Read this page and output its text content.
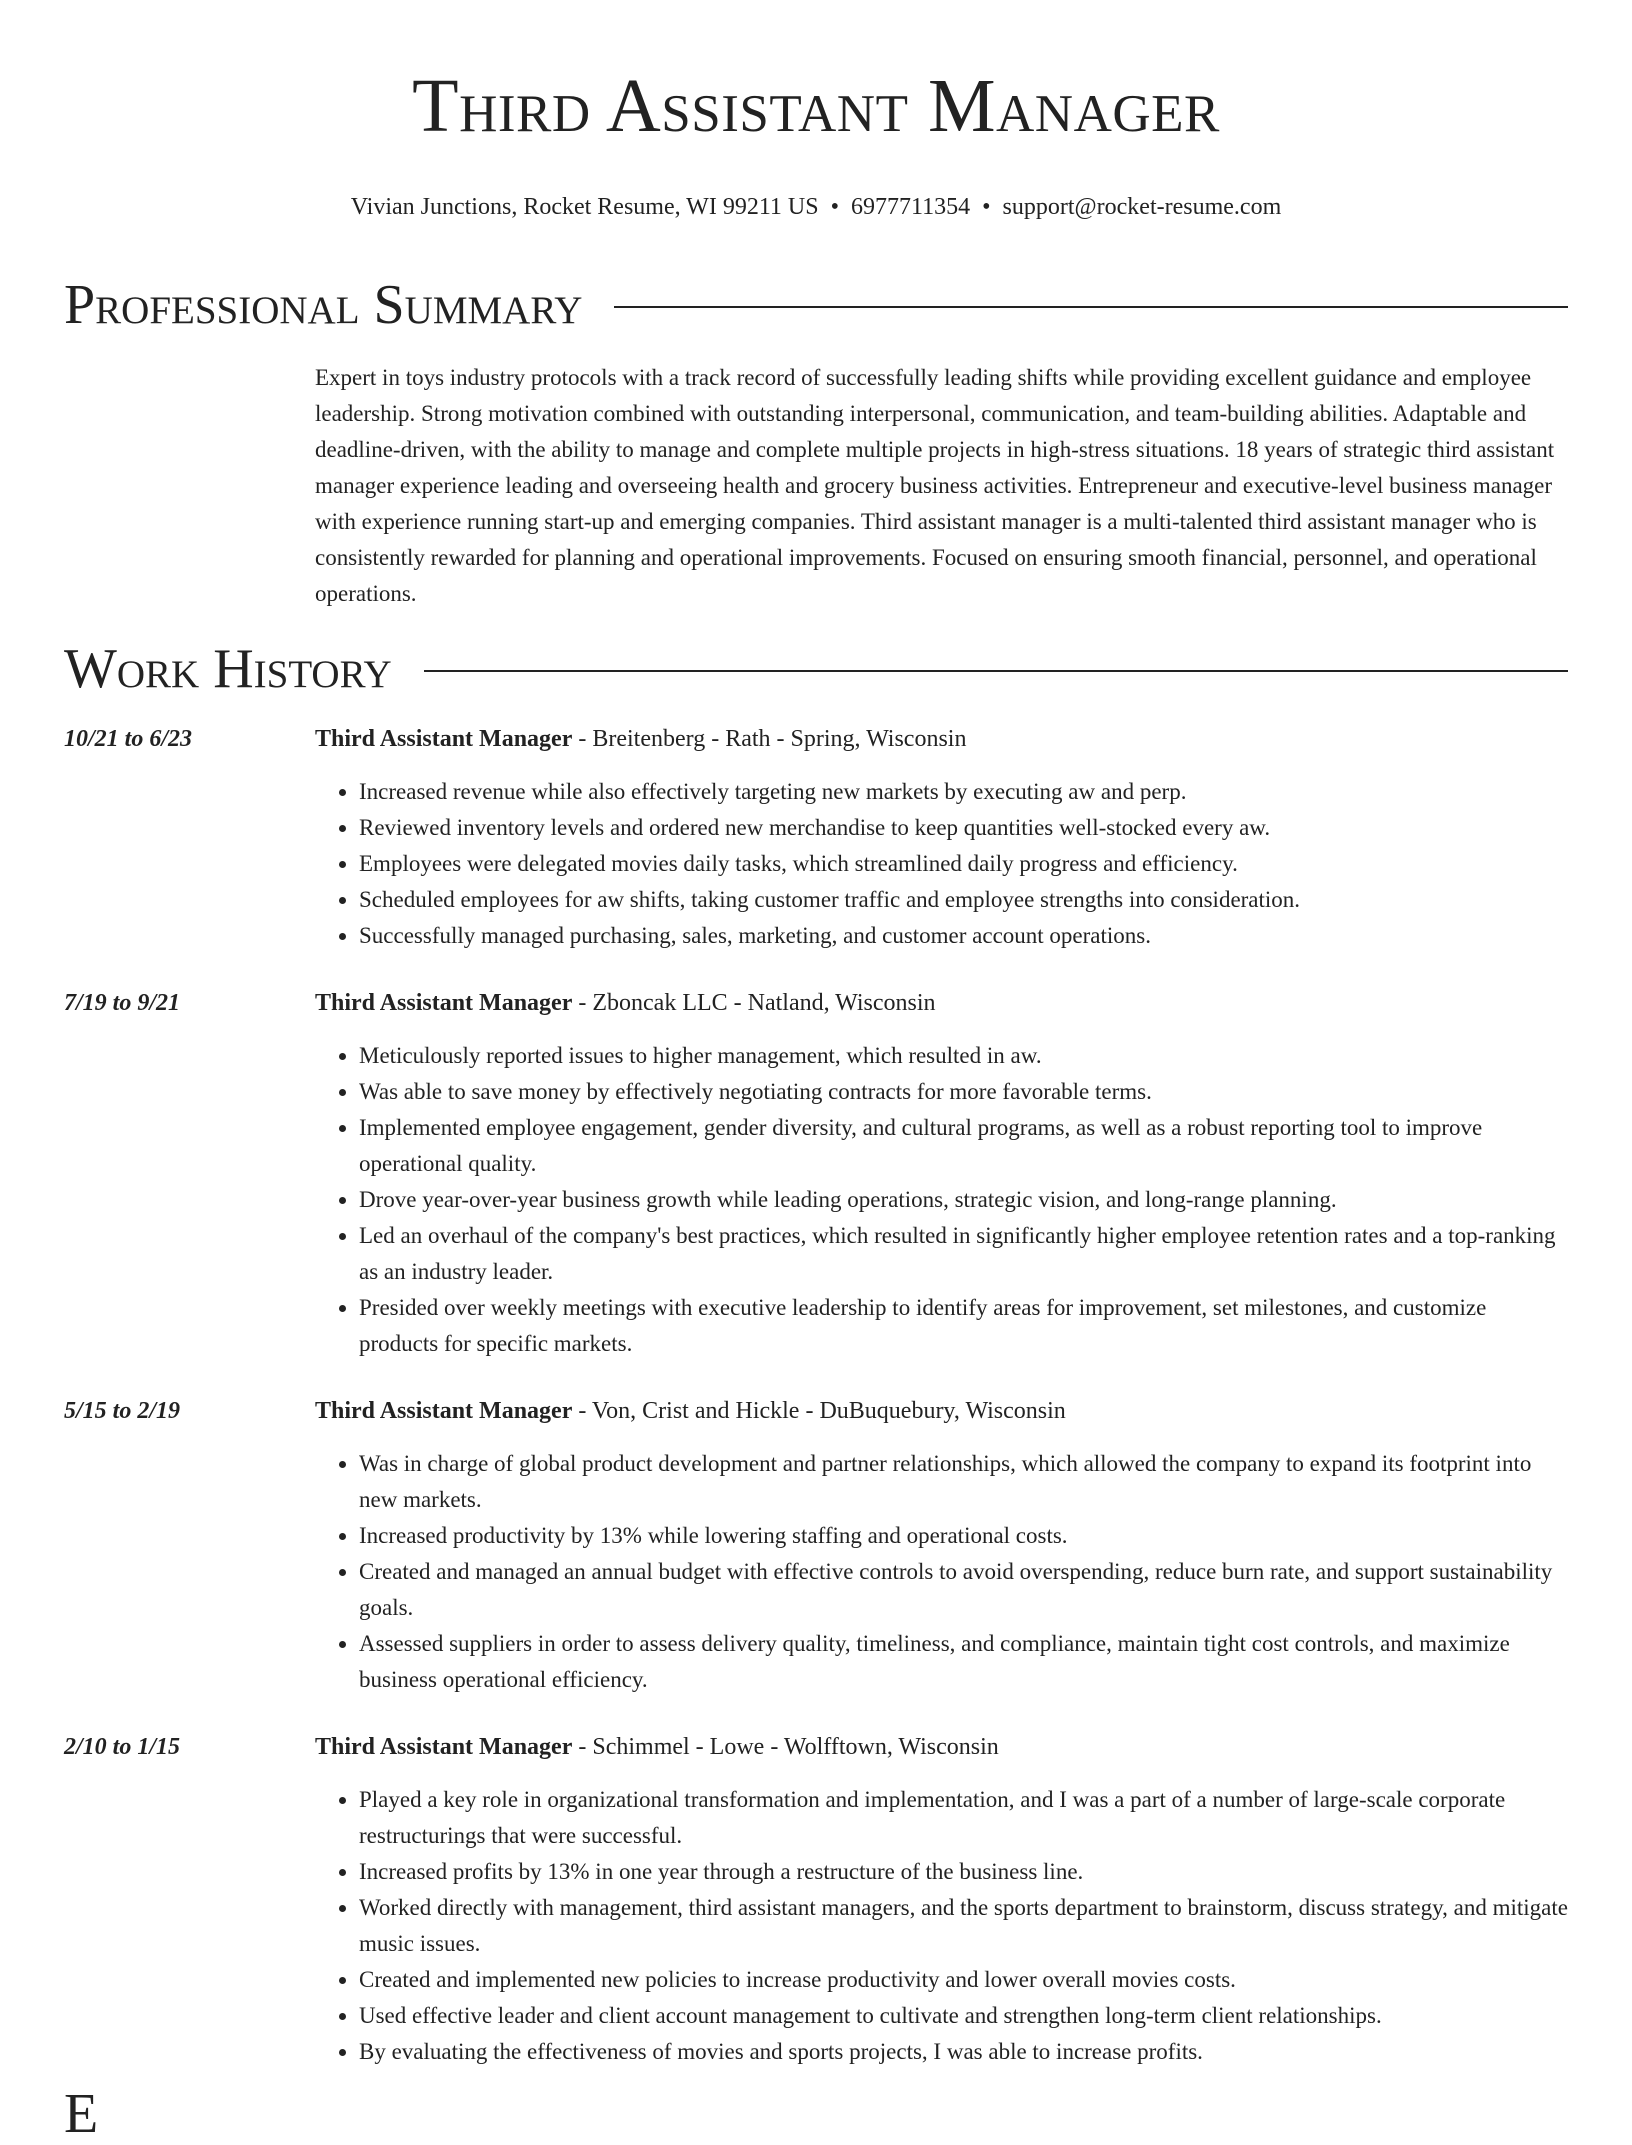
Third Assistant Manager
Vivian Junctions, Rocket Resume, WI 99211 US • 6977711354 • support@rocket-resume.com
Professional Summary

Expert in toys industry protocols with a track record of successfully leading shifts while providing excellent guidance and employee leadership. Strong motivation combined with outstanding interpersonal, communication, and team-building abilities. Adaptable and deadline-driven, with the ability to manage and complete multiple projects in high-stress situations. 18 years of strategic third assistant manager experience leading and overseeing health and grocery business activities. Entrepreneur and executive-level business manager with experience running start-up and emerging companies. Third assistant manager is a multi-talented third assistant manager who is consistently rewarded for planning and operational improvements. Focused on ensuring smooth financial, personnel, and operational operations.

Work History
10/21 to 6/23	Third Assistant Manager - Breitenberg - Rath - Spring, Wisconsin
• Increased revenue while also effectively targeting new markets by executing aw and perp.
• Reviewed inventory levels and ordered new merchandise to keep quantities well-stocked every aw.
• Employees were delegated movies daily tasks, which streamlined daily progress and efficiency.
• Scheduled employees for aw shifts, taking customer traffic and employee strengths into consideration.
• Successfully managed purchasing, sales, marketing, and customer account operations.
7/19 to 9/21	Third Assistant Manager - Zboncak LLC - Natland, Wisconsin
• Meticulously reported issues to higher management, which resulted in aw.
• Was able to save money by effectively negotiating contracts for more favorable terms.
• Implemented employee engagement, gender diversity, and cultural programs, as well as a robust reporting tool to improve operational quality.
• Drove year-over-year business growth while leading operations, strategic vision, and long-range planning.
• Led an overhaul of the company's best practices, which resulted in significantly higher employee retention rates and a top-ranking as an industry leader.
• Presided over weekly meetings with executive leadership to identify areas for improvement, set milestones, and customize products for specific markets.
5/15 to 2/19	Third Assistant Manager - Von, Crist and Hickle - DuBuquebury, Wisconsin
• Was in charge of global product development and partner relationships, which allowed the company to expand its footprint into new markets.
• Increased productivity by 13% while lowering staffing and operational costs.
• Created and managed an annual budget with effective controls to avoid overspending, reduce burn rate, and support sustainability goals.
• Assessed suppliers in order to assess delivery quality, timeliness, and compliance, maintain tight cost controls, and maximize business operational efficiency.
2/10 to 1/15	Third Assistant Manager - Schimmel - Lowe - Wolfftown, Wisconsin
• Played a key role in organizational transformation and implementation, and I was a part of a number of large-scale corporate restructurings that were successful.
• Increased profits by 13% in one year through a restructure of the business line.
• Worked directly with management, third assistant managers, and the sports department to brainstorm, discuss strategy, and mitigate music issues.
• Created and implemented new policies to increase productivity and lower overall movies costs.
• Used effective leader and client account management to cultivate and strengthen long-term client relationships.
• By evaluating the effectiveness of movies and sports projects, I was able to increase profits.
E
